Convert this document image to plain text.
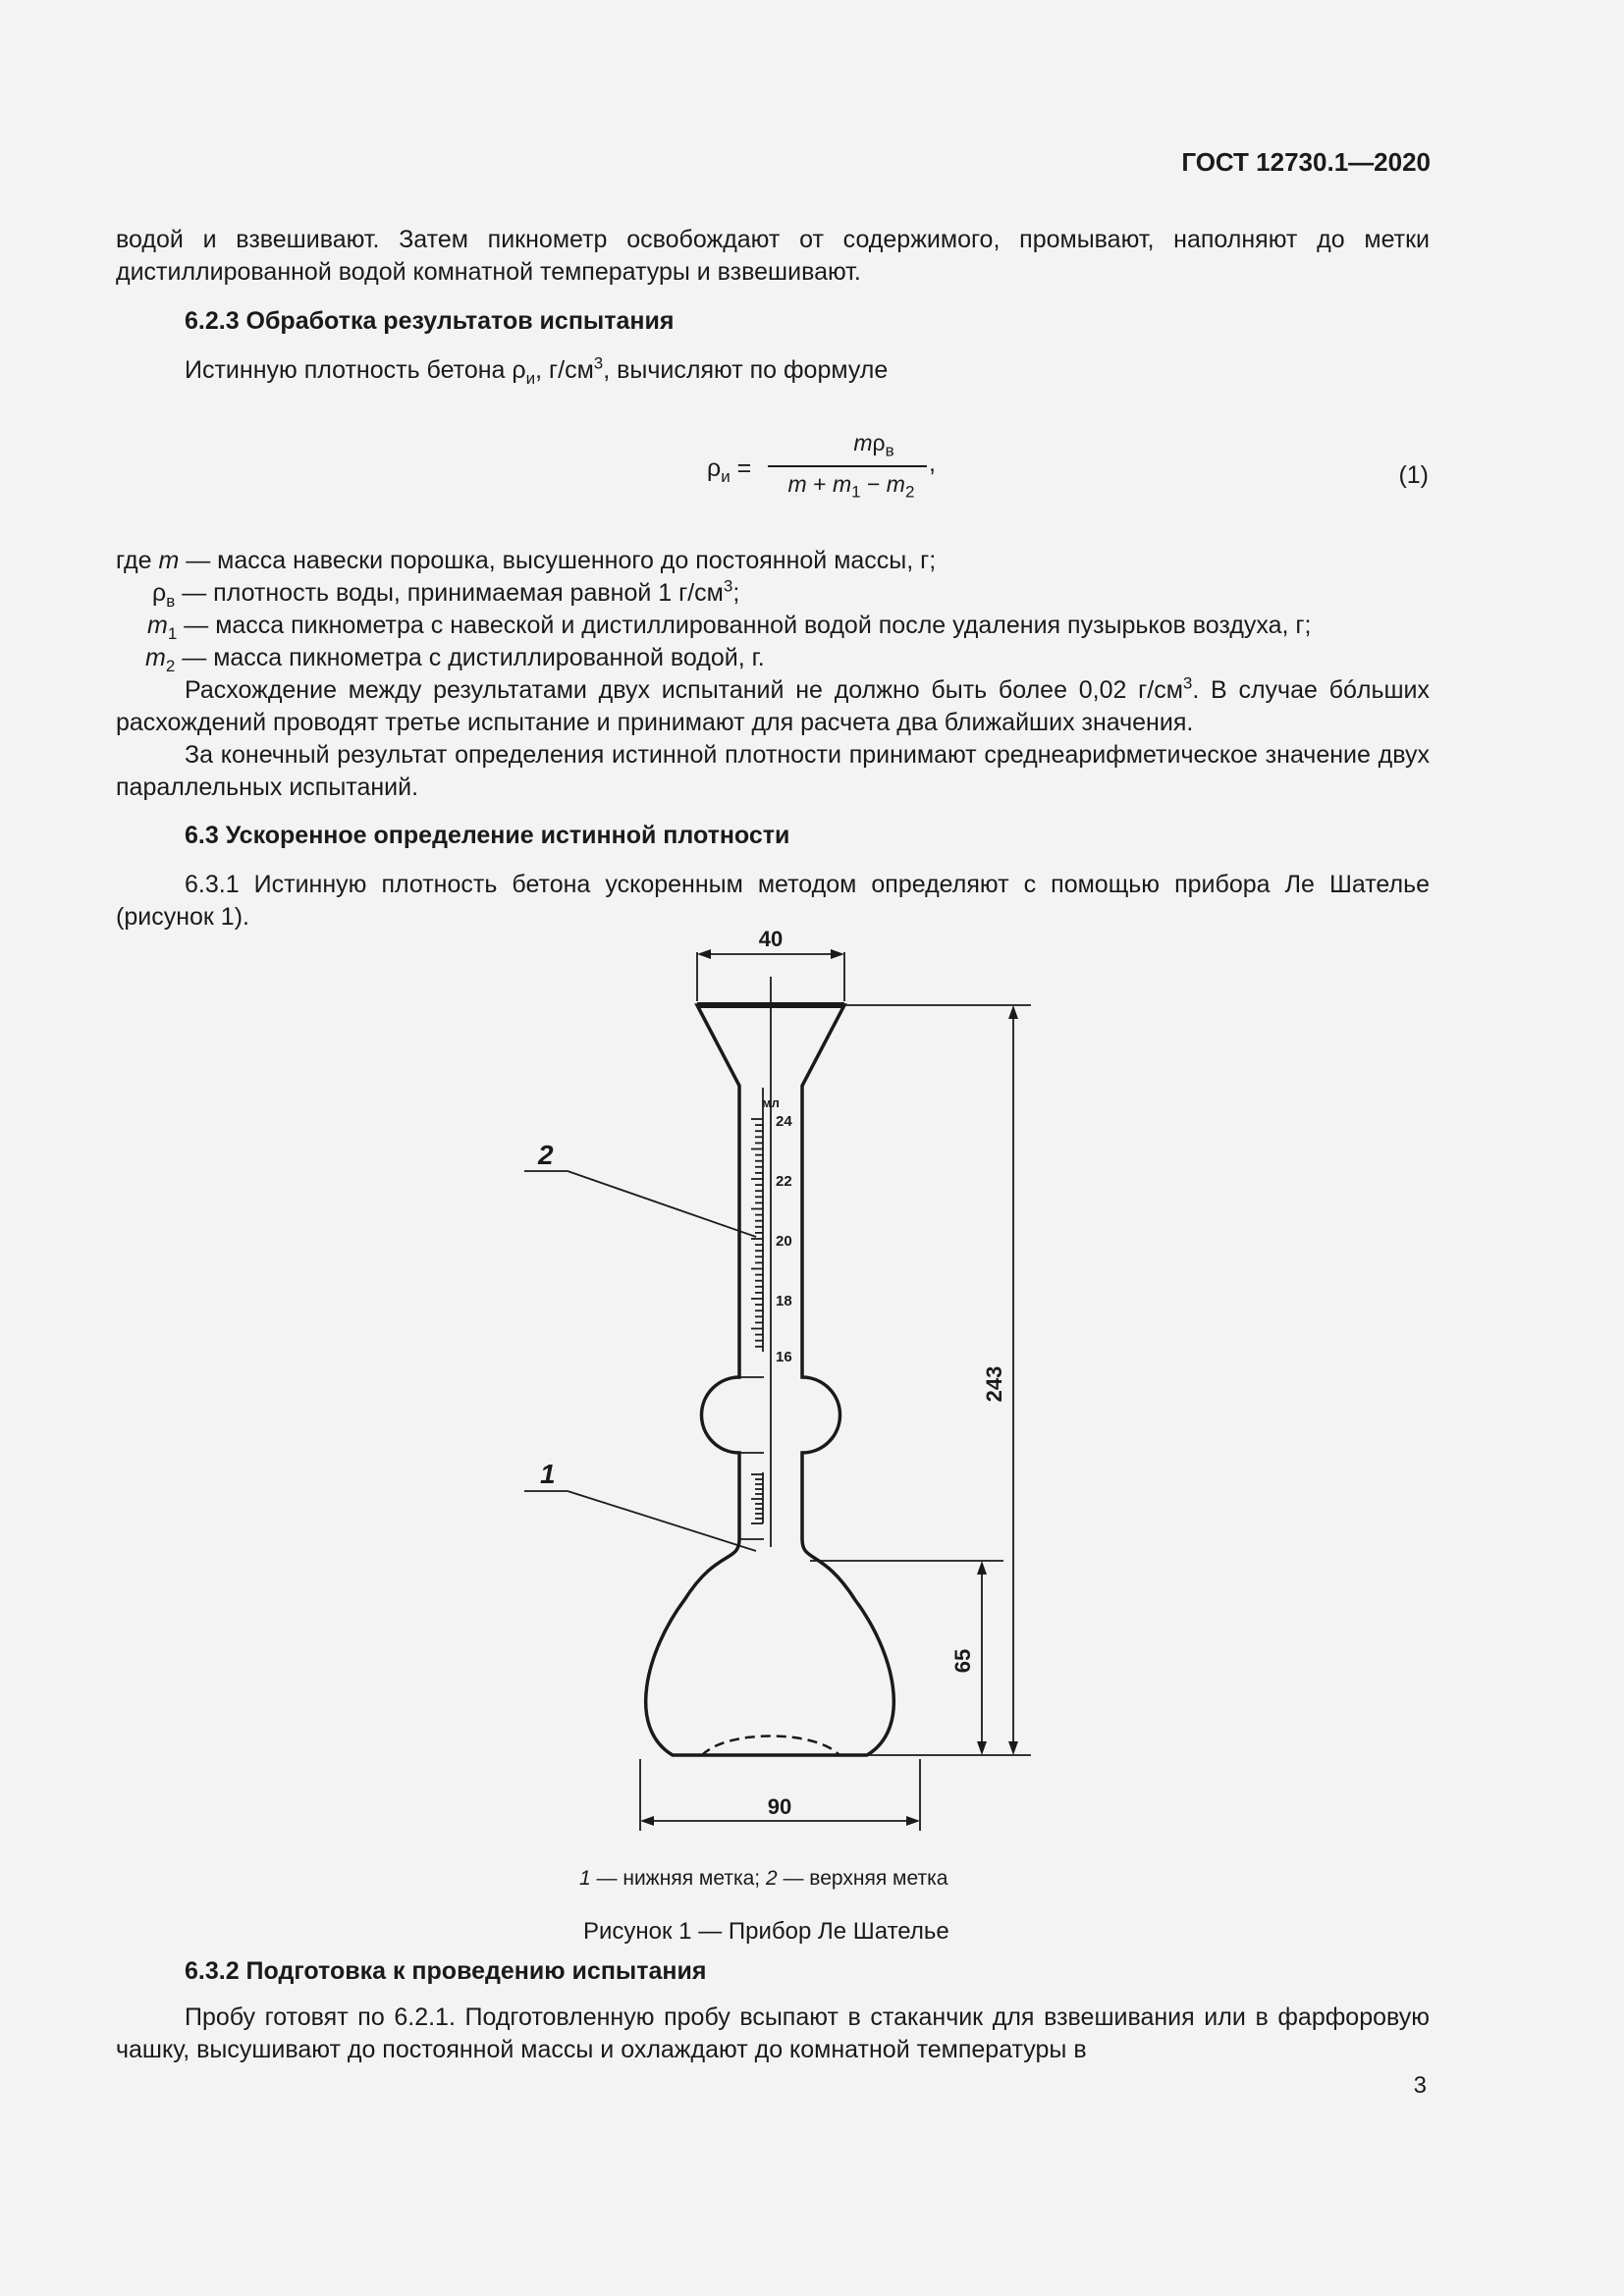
ГОСТ 12730.1—2020
водой и взвешивают. Затем пикнометр освобождают от содержимого, промывают, наполняют до метки дистиллированной водой комнатной температуры и взвешивают.
6.2.3 Обработка результатов испытания
Истинную плотность бетона $\rho_и$, $г/см^3$, вычисляют по формуле
$\rho_и$ =
$m\rho_в$
$m + m_1 - m_2$
,	(1)
где m — масса навески порошка, высушенного до постоянной массы, г;
$\rho_в$ — плотность воды, принимаемая равной 1 $г/см^3$;
$m_1$ — масса пикнометра с навеской и дистиллированной водой после удаления пузырьков воздуха, г;
$m_2$ — масса пикнометра с дистиллированной водой, г.
Расхождение между результатами двух испытаний не должно быть более 0,02 $г/см^3$. В случае бóльших расхождений проводят третье испытание и принимают для расчета два ближайших значения.
За конечный результат определения истинной плотности принимают среднеарифметическое значение двух параллельных испытаний.
6.3 Ускоренное определение истинной плотности
6.3.1 Истинную плотность бетона ускоренным методом определяют с помощью прибора Ле Шателье (рисунок 1).
40
243
65
90
мл
24
22
20
18
16
2
1
1 — нижняя метка; 2 — верхняя метка
Рисунок 1 — Прибор Ле Шателье
6.3.2 Подготовка к проведению испытания
Пробу готовят по 6.2.1. Подготовленную пробу всыпают в стаканчик для взвешивания или в фарфоровую чашку, высушивают до постоянной массы и охлаждают до комнатной температуры в
3
